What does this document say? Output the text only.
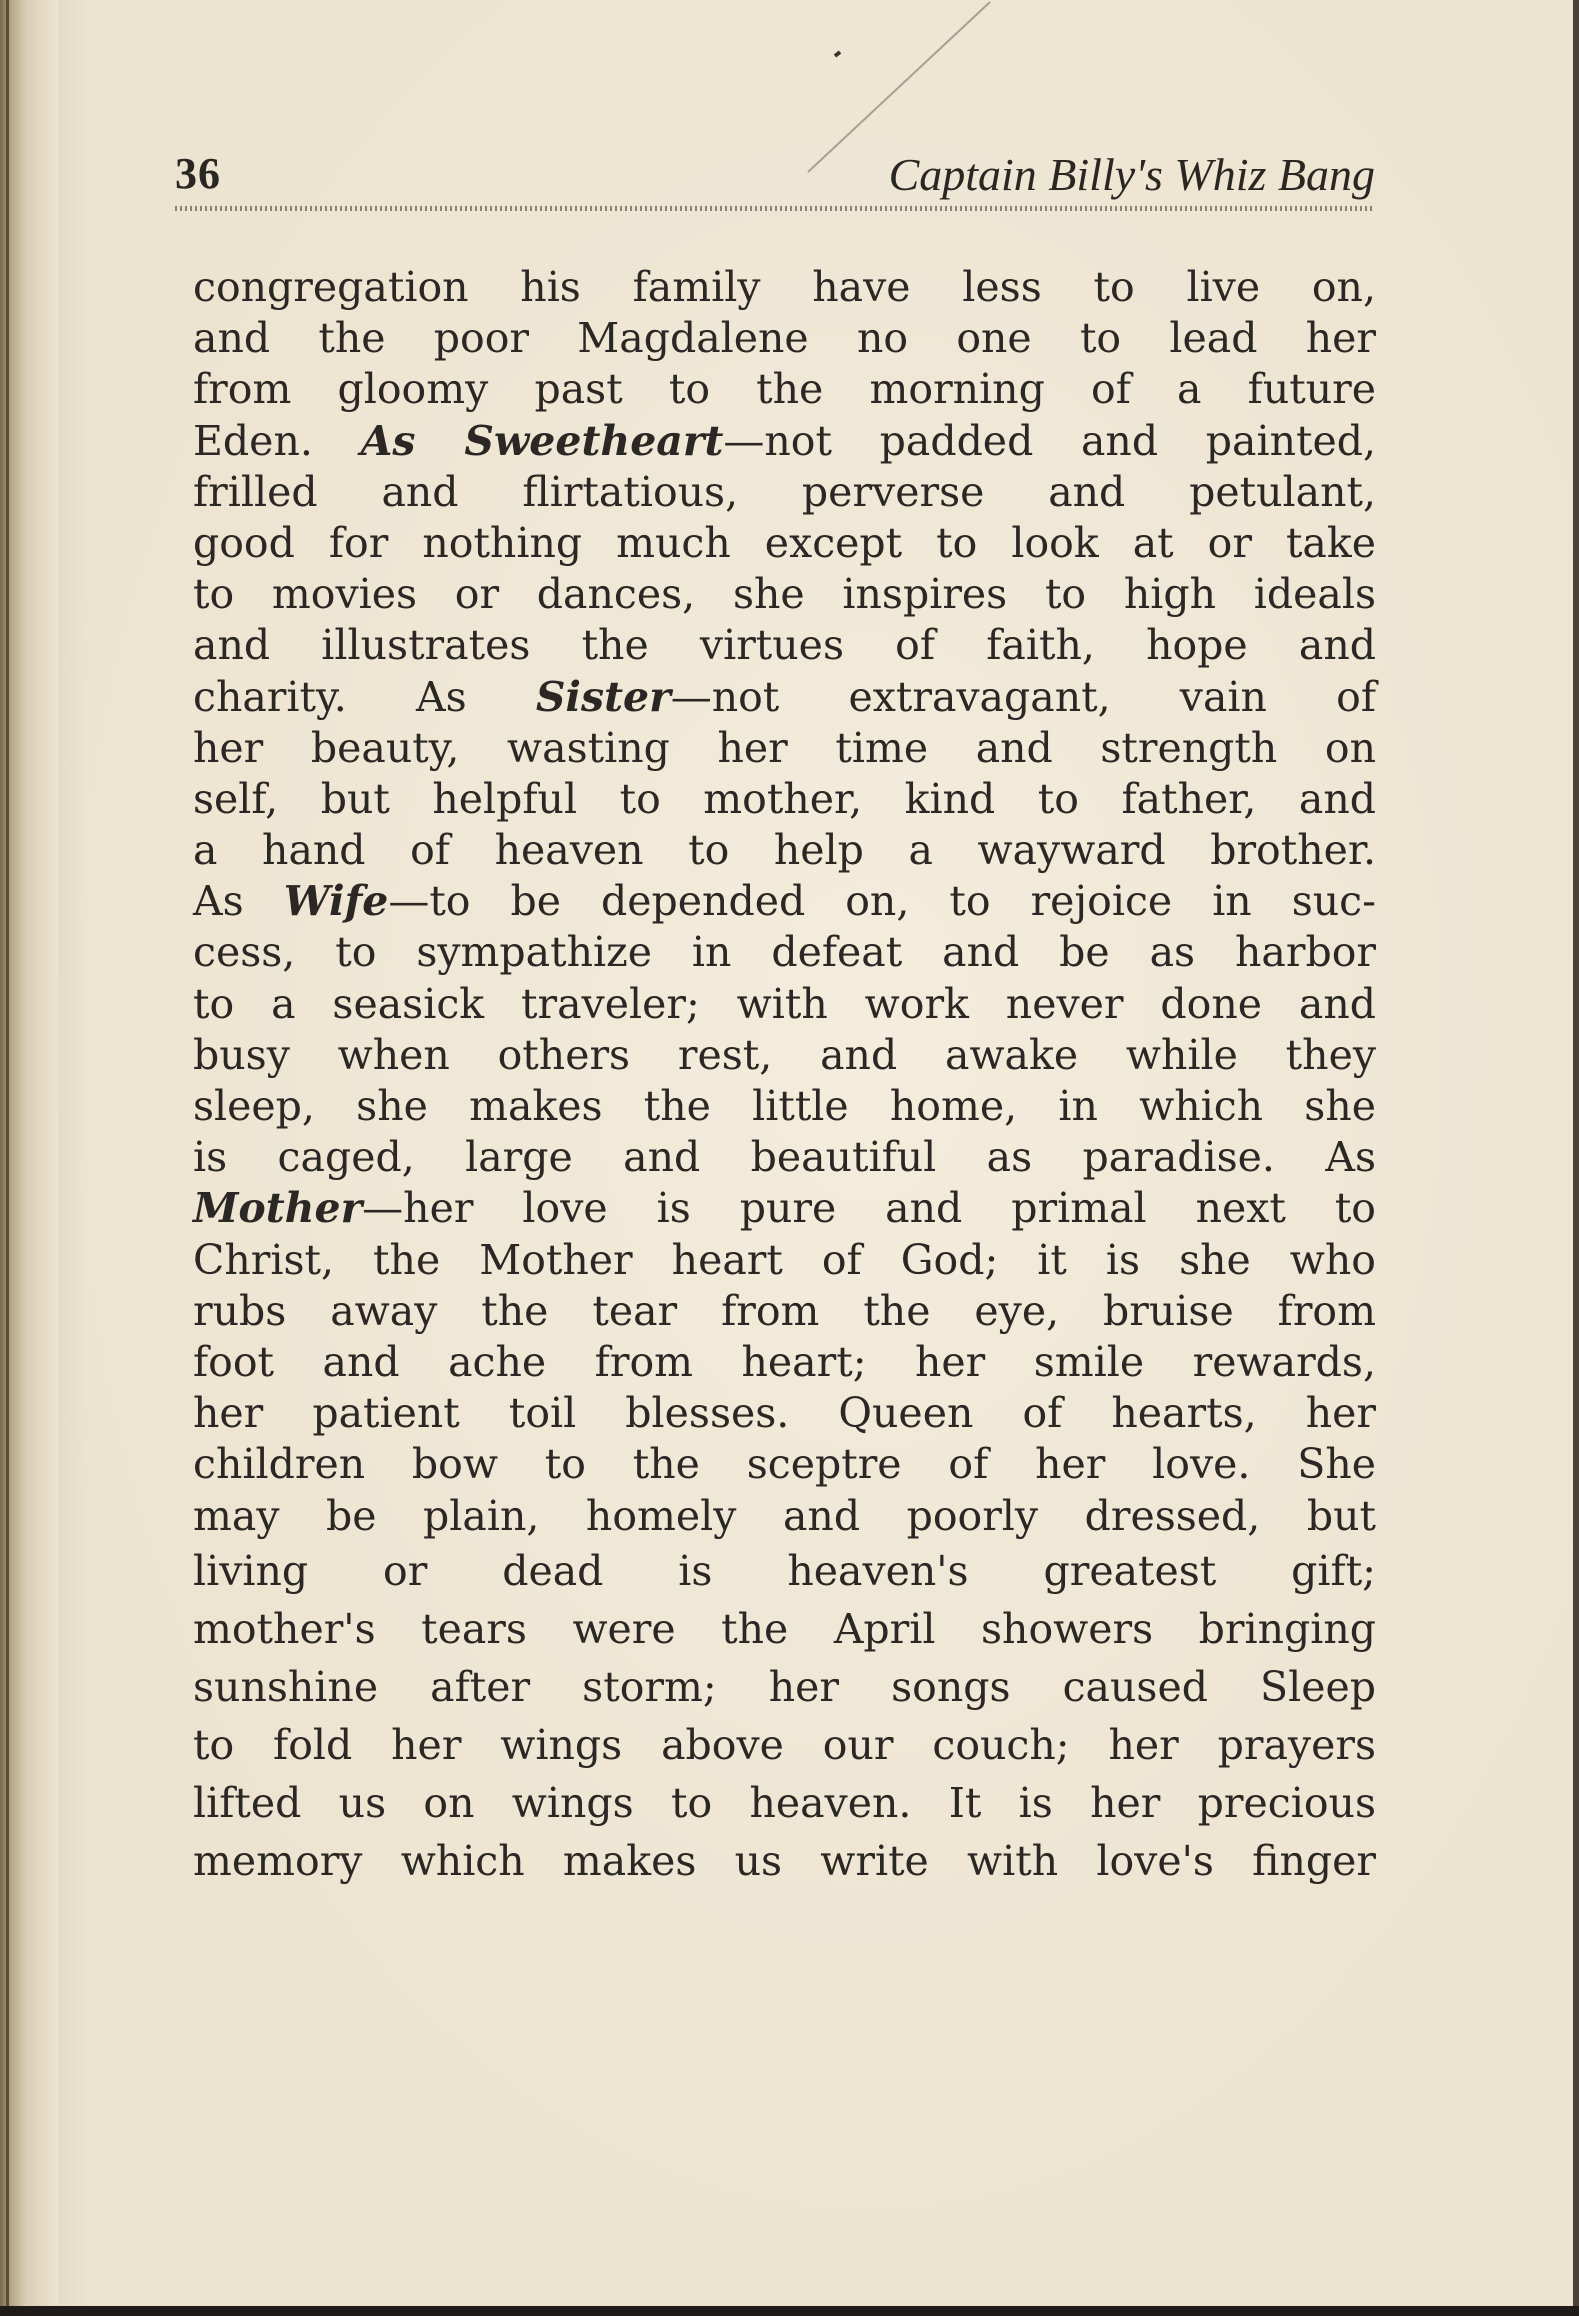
36	Captain Billy's Whiz Bang
congregation his family have less to live on,
and the poor Magdalene no one to lead her
from gloomy past to the morning of a future
Eden. As Sweetheart—not padded and painted,
frilled and flirtatious, perverse and petulant,
good for nothing much except to look at or take
to movies or dances, she inspires to high ideals
and illustrates the virtues of faith, hope and
charity. As Sister—not extravagant, vain of
her beauty, wasting her time and strength on
self, but helpful to mother, kind to father, and
a hand of heaven to help a wayward brother.
As Wife—to be depended on, to rejoice in suc-
cess, to sympathize in defeat and be as harbor
to a seasick traveler; with work never done and
busy when others rest, and awake while they
sleep, she makes the little home, in which she
is caged, large and beautiful as paradise. As
Mother—her love is pure and primal next to
Christ, the Mother heart of God; it is she who
rubs away the tear from the eye, bruise from
foot and ache from heart; her smile rewards,
her patient toil blesses. Queen of hearts, her
children bow to the sceptre of her love. She
may be plain, homely and poorly dressed, but
living or dead is heaven's greatest gift;
mother's tears were the April showers bringing
sunshine after storm; her songs caused Sleep
to fold her wings above our couch; her prayers
lifted us on wings to heaven. It is her precious
memory which makes us write with love's finger
